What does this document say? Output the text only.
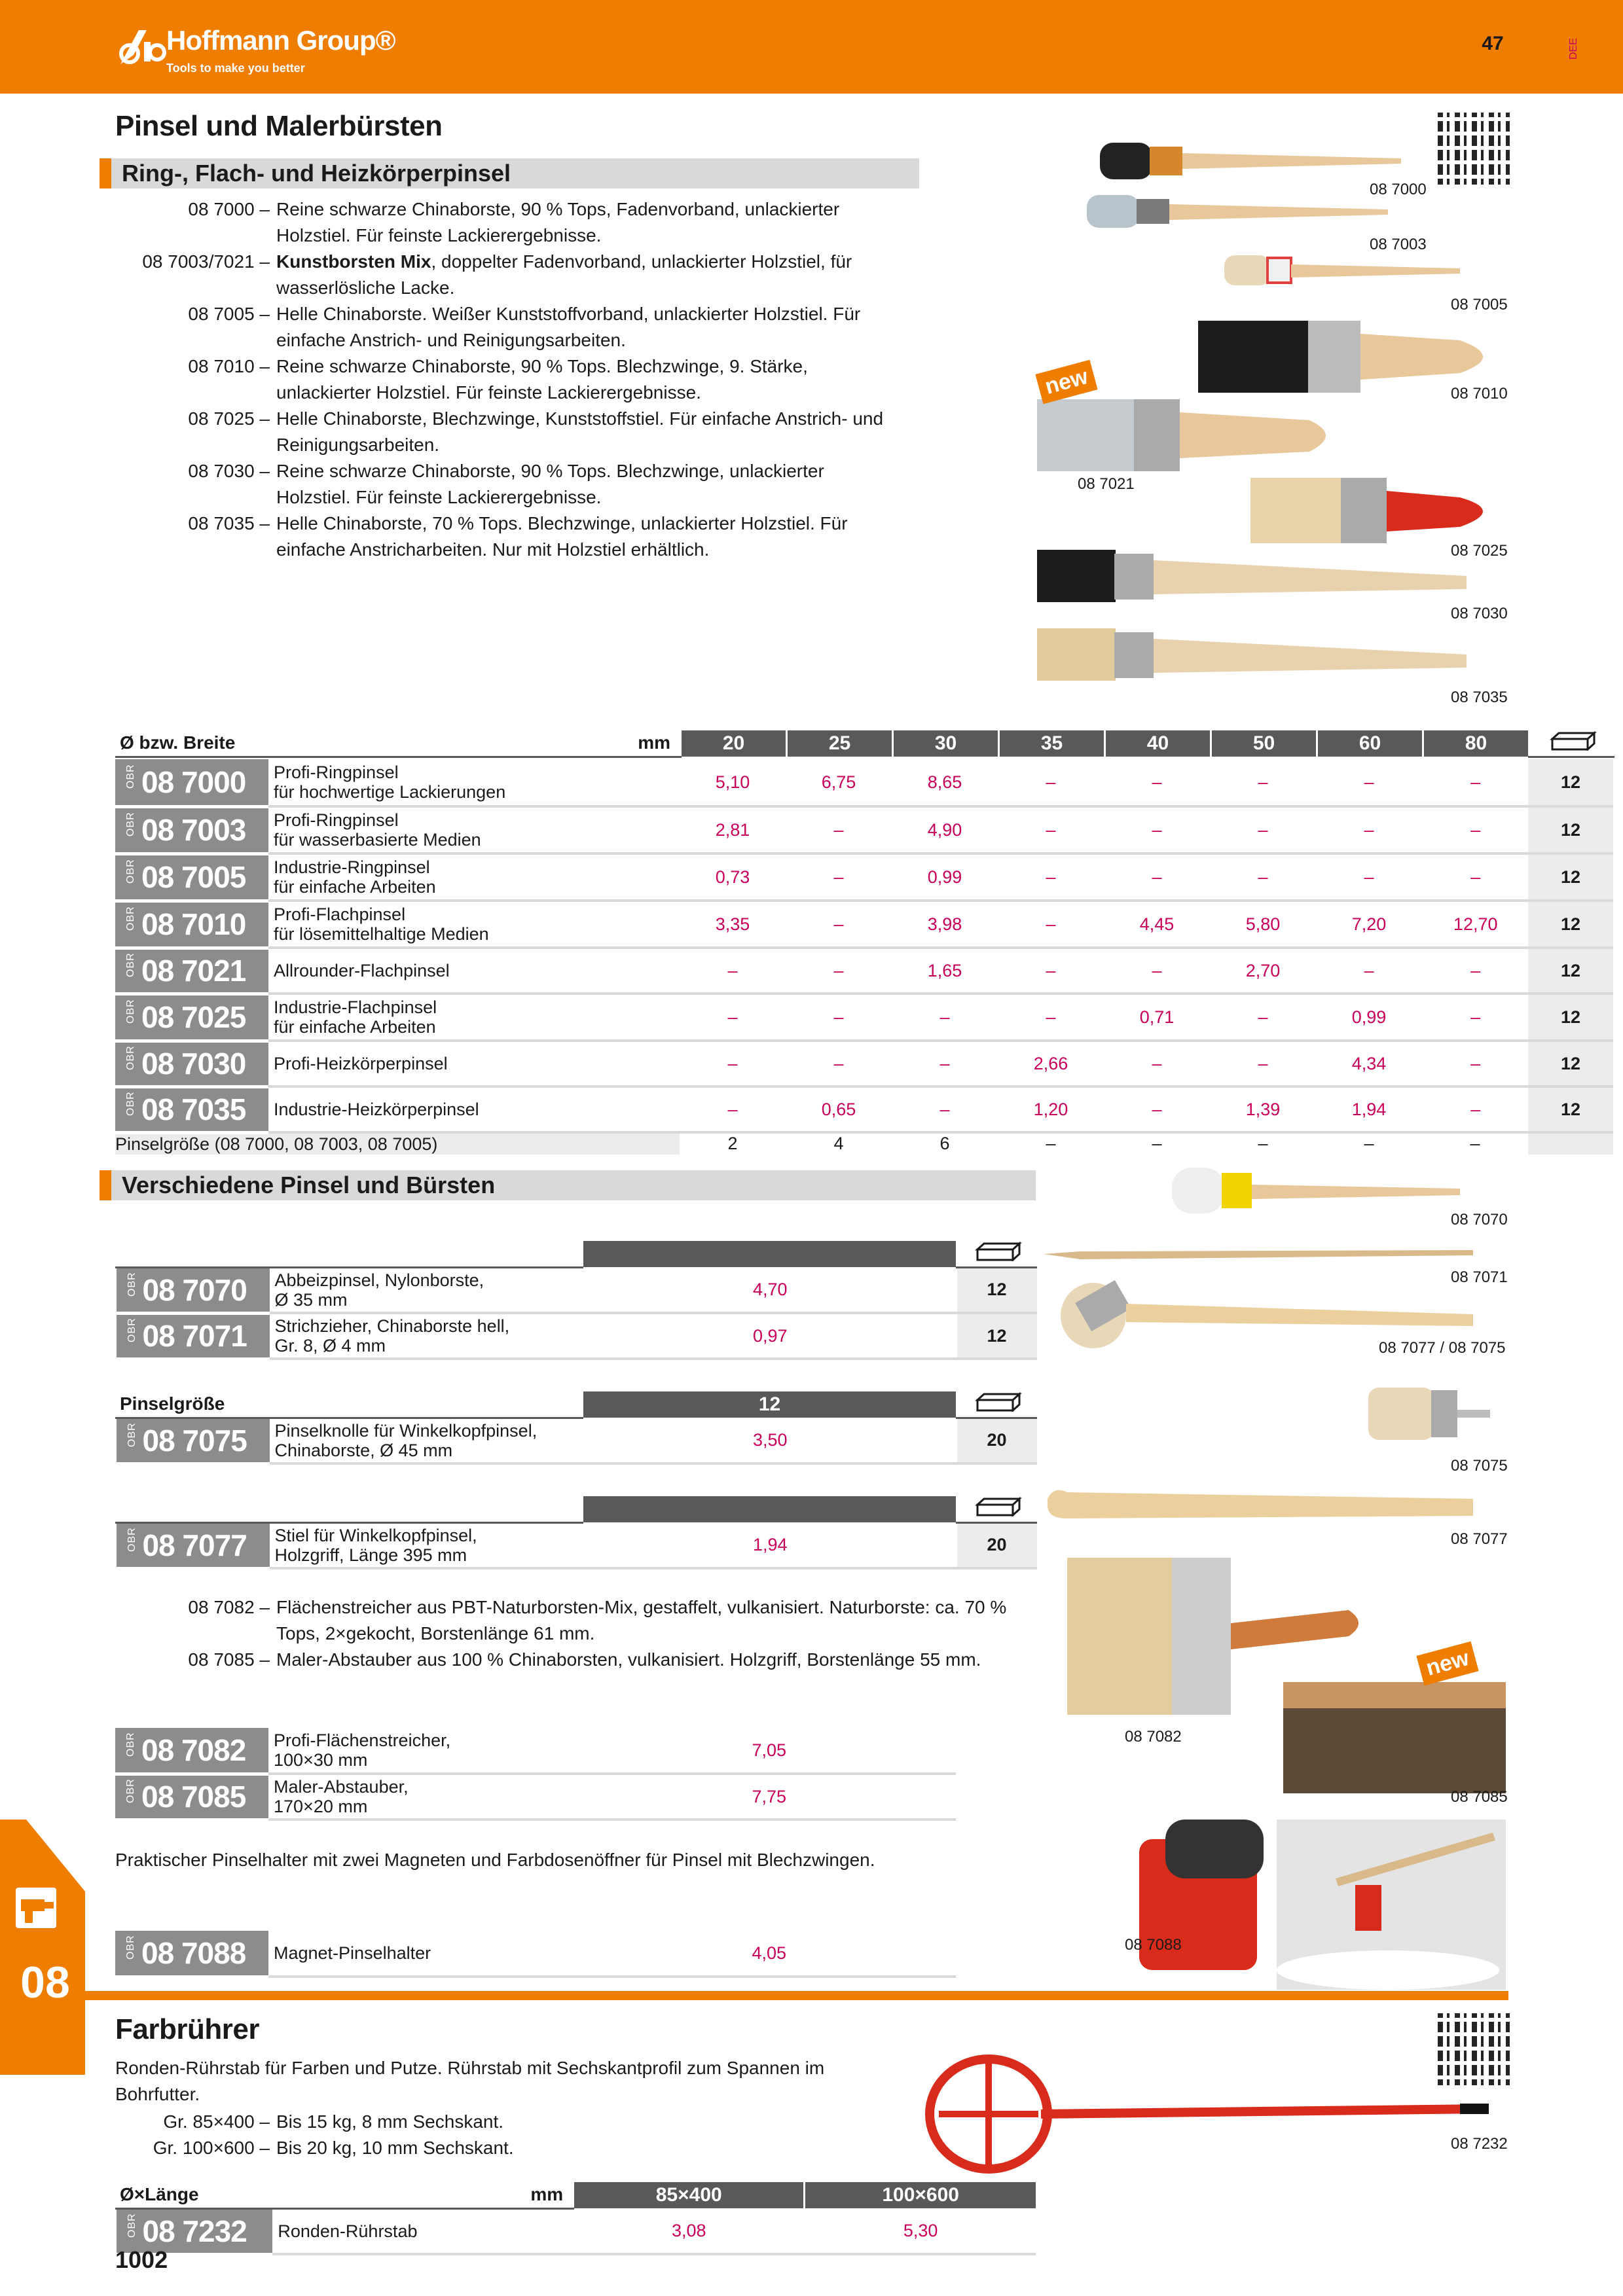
Hoffmann Group®
Tools to make you better
47	DEE
Pinsel und Malerbürsten
Ring-, Flach- und Heizkörperpinsel
08 7000 – Reine schwarze Chinaborste, 90 % Tops, Fadenvorband, unlackierter Holzstiel. Für feinste Lackierergebnisse.
08 7003/7021 – Kunstborsten Mix, doppelter Fadenvorband, unlackierter Holzstiel, für wasserlösliche Lacke.
08 7005 – Helle Chinaborste. Weißer Kunststoffvorband, unlackierter Holzstiel. Für einfache Anstrich- und Reinigungsarbeiten.
08 7010 – Reine schwarze Chinaborste, 90 % Tops. Blechzwinge, 9. Stärke, unlackierter Holzstiel. Für feinste Lackierergebnisse.
08 7025 – Helle Chinaborste, Blechzwinge, Kunststoffstiel. Für einfache Anstrich- und Reinigungsarbeiten.
08 7030 – Reine schwarze Chinaborste, 90 % Tops. Blechzwinge, unlackierter Holzstiel. Für feinste Lackierergebnisse.
08 7035 – Helle Chinaborste, 70 % Tops. Blechzwinge, unlackierter Holzstiel. Für einfache Anstricharbeiten. Nur mit Holzstiel erhältlich.
new
08 7000
08 7003
08 7005
08 7010
08 7021
08 7025
08 7030
08 7035
Ø bzw. Breite	mm	20	25	30	35	40	50	60	80	
OBR 08 7000	Profi-Ringpinsel
für hochwertige Lackierungen	5,10	6,75	8,65	–	–	–	–	–	12
OBR 08 7003	Profi-Ringpinsel
für wasserbasierte Medien	2,81	–	4,90	–	–	–	–	–	12
OBR 08 7005	Industrie-Ringpinsel
für einfache Arbeiten	0,73	–	0,99	–	–	–	–	–	12
OBR 08 7010	Profi-Flachpinsel
für lösemittelhaltige Medien	3,35	–	3,98	–	4,45	5,80	7,20	12,70	12
OBR 08 7021	Allrounder-Flachpinsel	–	–	1,65	–	–	2,70	–	–	12
OBR 08 7025	Industrie-Flachpinsel
für einfache Arbeiten	–	–	–	–	0,71	–	0,99	–	12
OBR 08 7030	Profi-Heizkörperpinsel	–	–	–	2,66	–	–	4,34	–	12
OBR 08 7035	Industrie-Heizkörperpinsel	–	0,65	–	1,20	–	1,39	1,94	–	12
Pinselgröße (08 7000, 08 7003, 08 7005)		2	4	6	–	–	–	–	–	
Verschiedene Pinsel und Bürsten
new
08 7070
08 7071
08 7077 / 08 7075
08 7075
08 7077
08 7082
08 7085
08 7088

OBR 08 7070	Abbeizpinsel, Nylonborste,
Ø 35 mm	4,70	12
OBR 08 7071	Strichzieher, Chinaborste hell,
Gr. 8, Ø 4 mm	0,97	12
Pinselgröße		12	
OBR 08 7075	Pinselknolle für Winkelkopfpinsel,
Chinaborste, Ø 45 mm	3,50	20

OBR 08 7077	Stiel für Winkelkopfpinsel,
Holzgriff, Länge 395 mm	1,94	20
08 7082 – Flächenstreicher aus PBT-Naturborsten-Mix, gestaffelt, vulkanisiert. Naturborste: ca. 70 % Tops, 2×gekocht, Borstenlänge 61 mm.
08 7085 – Maler-Abstauber aus 100 % Chinaborsten, vulkanisiert. Holzgriff, Borstenlänge 55 mm.
OBR 08 7082	Profi-Flächenstreicher,
100×30 mm	7,05	
OBR 08 7085	Maler-Abstauber,
170×20 mm	7,75	
Praktischer Pinselhalter mit zwei Magneten und Farbdosenöffner für Pinsel mit Blechzwingen.
OBR 08 7088	Magnet-Pinselhalter	4,05	
08
Farbrührer
Ronden-Rührstab für Farben und Putze. Rührstab mit Sechskantprofil zum Spannen im Bohrfutter.
Gr. 85×400 – Bis 15 kg, 8 mm Sechskant.
Gr. 100×600 – Bis 20 kg, 10 mm Sechskant.	08 7232
Ø×Länge		mm	85×400	100×600
OBR 08 7232	Ronden-Rührstab		3,08	5,30
1002
